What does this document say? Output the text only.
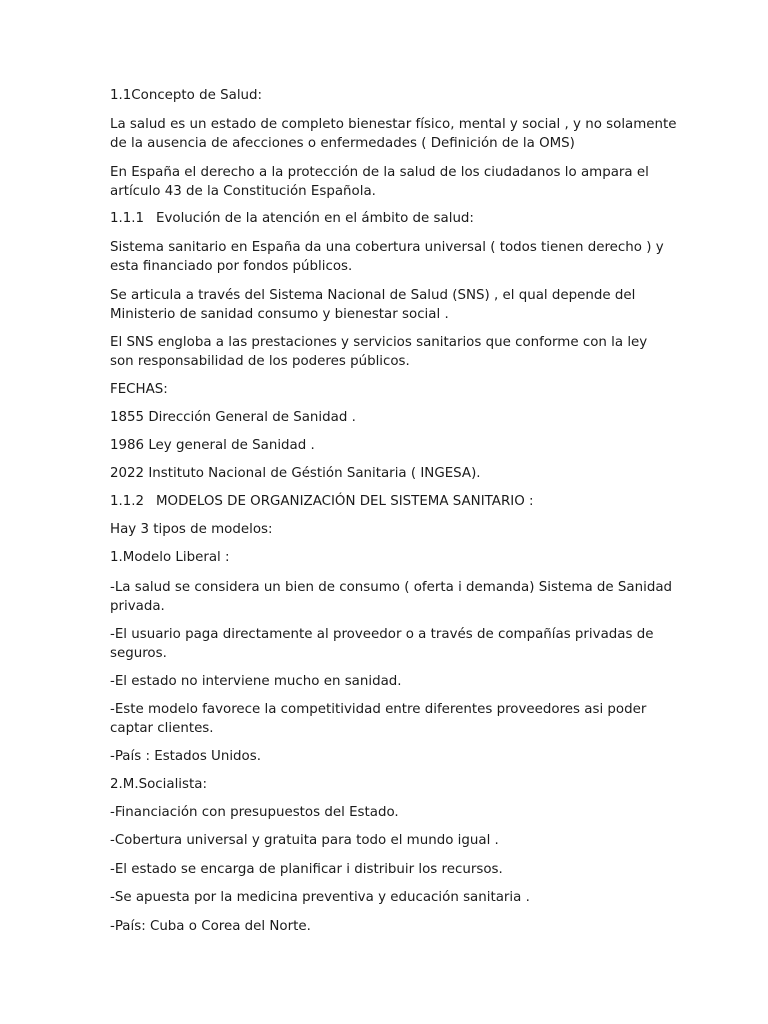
1.1Concepto de Salud:

La salud es un estado de completo bienestar físico, mental y social , y no solamente

de la ausencia de afecciones o enfermedades ( Definición de la OMS)

En España el derecho a la protección de la salud de los ciudadanos lo ampara el

artículo 43 de la Constitución Española.

1.1.1 Evolución de la atención en el ámbito de salud:

Sistema sanitario en España da una cobertura universal ( todos tienen derecho ) y

esta financiado por fondos públicos.

Se articula a través del Sistema Nacional de Salud (SNS) , el qual depende del

Ministerio de sanidad consumo y bienestar social .

El SNS engloba a las prestaciones y servicios sanitarios que conforme con la ley

son responsabilidad de los poderes públicos.

FECHAS:

1855 Dirección General de Sanidad .

1986 Ley general de Sanidad .

2022 Instituto Nacional de Géstión Sanitaria ( INGESA).

1.1.2 MODELOS DE ORGANIZACIÓN DEL SISTEMA SANITARIO :

Hay 3 tipos de modelos:

1.Modelo Liberal :

-La salud se considera un bien de consumo ( oferta i demanda) Sistema de Sanidad

privada.

-El usuario paga directamente al proveedor o a través de compañías privadas de

seguros.

-El estado no interviene mucho en sanidad.

-Este modelo favorece la competitividad entre diferentes proveedores asi poder

captar clientes.

-País : Estados Unidos.

2.M.Socialista:

-Financiación con presupuestos del Estado.

-Cobertura universal y gratuita para todo el mundo igual .

-El estado se encarga de planificar i distribuir los recursos.

-Se apuesta por la medicina preventiva y educación sanitaria .

-País: Cuba o Corea del Norte.
